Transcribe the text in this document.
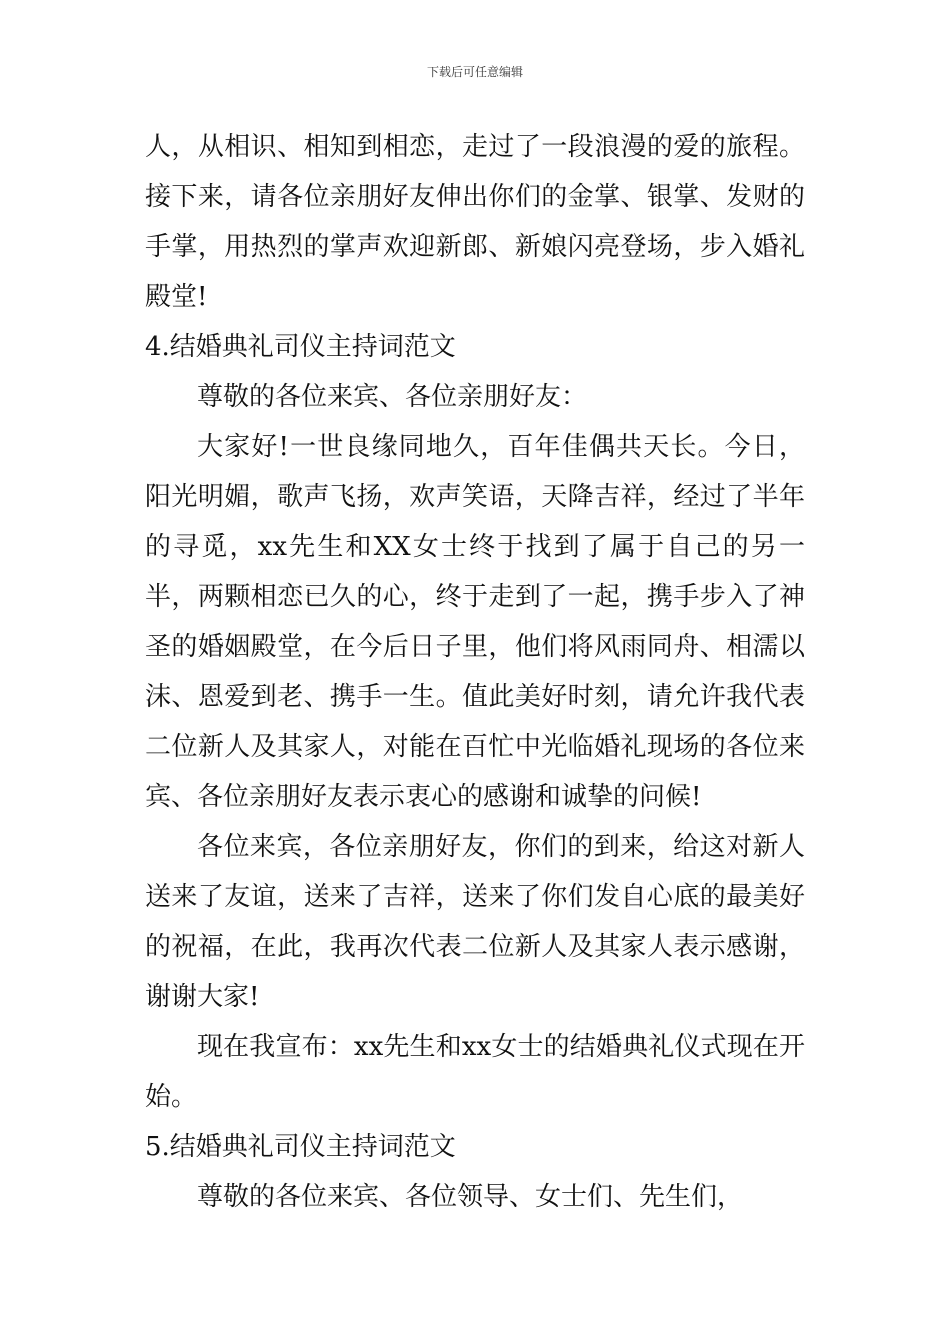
下载后可任意编辑

人，从相识、相知到相恋，走过了一段浪漫的爱的旅程。接下来，请各位亲朋好友伸出你们的金掌、银掌、发财的手掌，用热烈的掌声欢迎新郎、新娘闪亮登场，步入婚礼殿堂!

4.结婚典礼司仪主持词范文

尊敬的各位来宾、各位亲朋好友：

大家好!一世良缘同地久，百年佳偶共天长。今日，阳光明媚，歌声飞扬，欢声笑语，天降吉祥，经过了半年的寻觅，xx先生和XX女士终于找到了属于自己的另一半，两颗相恋已久的心，终于走到了一起，携手步入了神圣的婚姻殿堂，在今后日子里，他们将风雨同舟、相濡以沫、恩爱到老、携手一生。值此美好时刻，请允许我代表二位新人及其家人，对能在百忙中光临婚礼现场的各位来宾、各位亲朋好友表示衷心的感谢和诚挚的问候!

各位来宾，各位亲朋好友，你们的到来，给这对新人送来了友谊，送来了吉祥，送来了你们发自心底的最美好的祝福，在此，我再次代表二位新人及其家人表示感谢，谢谢大家!

现在我宣布：xx先生和xx女士的结婚典礼仪式现在开始。

5.结婚典礼司仪主持词范文

尊敬的各位来宾、各位领导、女士们、先生们，
